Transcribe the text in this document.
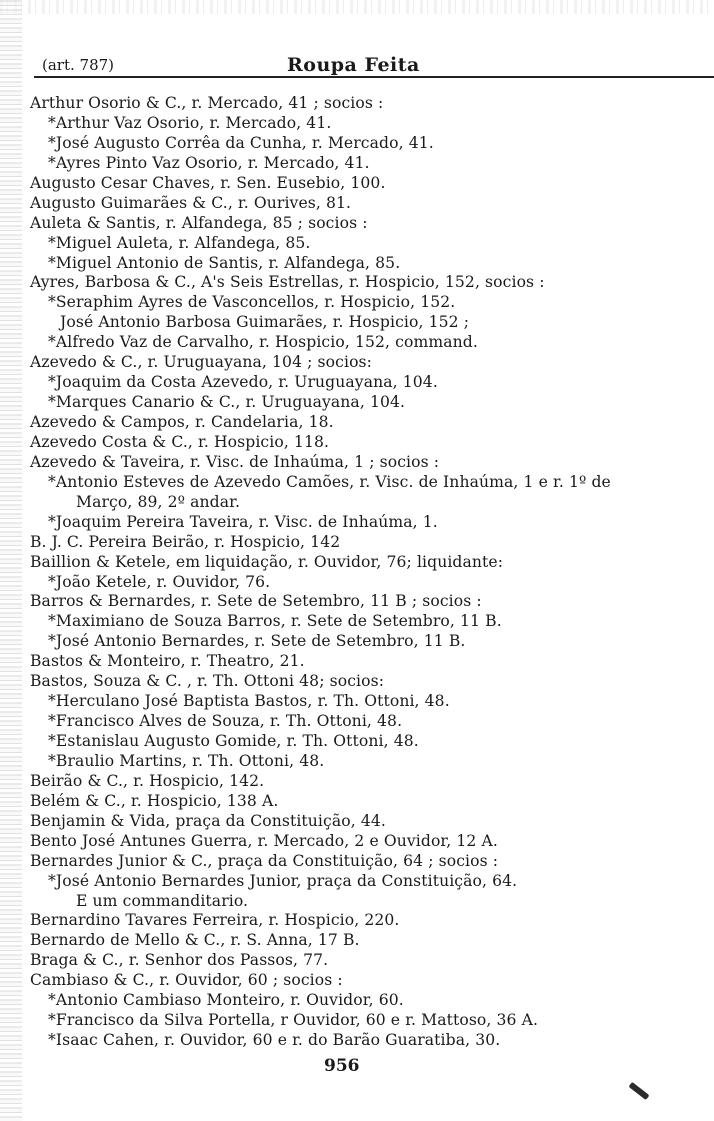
(art. 787)	Roupa Feita
Arthur Osorio & C., r. Mercado, 41 ; socios :
*Arthur Vaz Osorio, r. Mercado, 41.
*José Augusto Corrêa da Cunha, r. Mercado, 41.
*Ayres Pinto Vaz Osorio, r. Mercado, 41.
Augusto Cesar Chaves, r. Sen. Eusebio, 100.
Augusto Guimarães & C., r. Ourives, 81.
Auleta & Santis, r. Alfandega, 85 ; socios :
*Miguel Auleta, r. Alfandega, 85.
*Miguel Antonio de Santis, r. Alfandega, 85.
Ayres, Barbosa & C., A's Seis Estrellas, r. Hospicio, 152, socios :
*Seraphim Ayres de Vasconcellos, r. Hospicio, 152.
José Antonio Barbosa Guimarães, r. Hospicio, 152 ;
*Alfredo Vaz de Carvalho, r. Hospicio, 152, command.
Azevedo & C., r. Uruguayana, 104 ; socios:
*Joaquim da Costa Azevedo, r. Uruguayana, 104.
*Marques Canario & C., r. Uruguayana, 104.
Azevedo & Campos, r. Candelaria, 18.
Azevedo Costa & C., r. Hospicio, 118.
Azevedo & Taveira, r. Visc. de Inhaúma, 1 ; socios :
*Antonio Esteves de Azevedo Camões, r. Visc. de Inhaúma, 1 e r. 1º de
Março, 89, 2º andar.
*Joaquim Pereira Taveira, r. Visc. de Inhaúma, 1.
B. J. C. Pereira Beirão, r. Hospicio, 142
Baillion & Ketele, em liquidação, r. Ouvidor, 76; liquidante:
*João Ketele, r. Ouvidor, 76.
Barros & Bernardes, r. Sete de Setembro, 11 B ; socios :
*Maximiano de Souza Barros, r. Sete de Setembro, 11 B.
*José Antonio Bernardes, r. Sete de Setembro, 11 B.
Bastos & Monteiro, r. Theatro, 21.
Bastos, Souza & C. , r. Th. Ottoni 48; socios:
*Herculano José Baptista Bastos, r. Th. Ottoni, 48.
*Francisco Alves de Souza, r. Th. Ottoni, 48.
*Estanislau Augusto Gomide, r. Th. Ottoni, 48.
*Braulio Martins, r. Th. Ottoni, 48.
Beirão & C., r. Hospicio, 142.
Belém & C., r. Hospicio, 138 A.
Benjamin & Vida, praça da Constituição, 44.
Bento José Antunes Guerra, r. Mercado, 2 e Ouvidor, 12 A.
Bernardes Junior & C., praça da Constituição, 64 ; socios :
*José Antonio Bernardes Junior, praça da Constituição, 64.
E um commanditario.
Bernardino Tavares Ferreira, r. Hospicio, 220.
Bernardo de Mello & C., r. S. Anna, 17 B.
Braga & C., r. Senhor dos Passos, 77.
Cambiaso & C., r. Ouvidor, 60 ; socios :
*Antonio Cambiaso Monteiro, r. Ouvidor, 60.
*Francisco da Silva Portella, r Ouvidor, 60 e r. Mattoso, 36 A.
*Isaac Cahen, r. Ouvidor, 60 e r. do Barão Guaratiba, 30.
956
